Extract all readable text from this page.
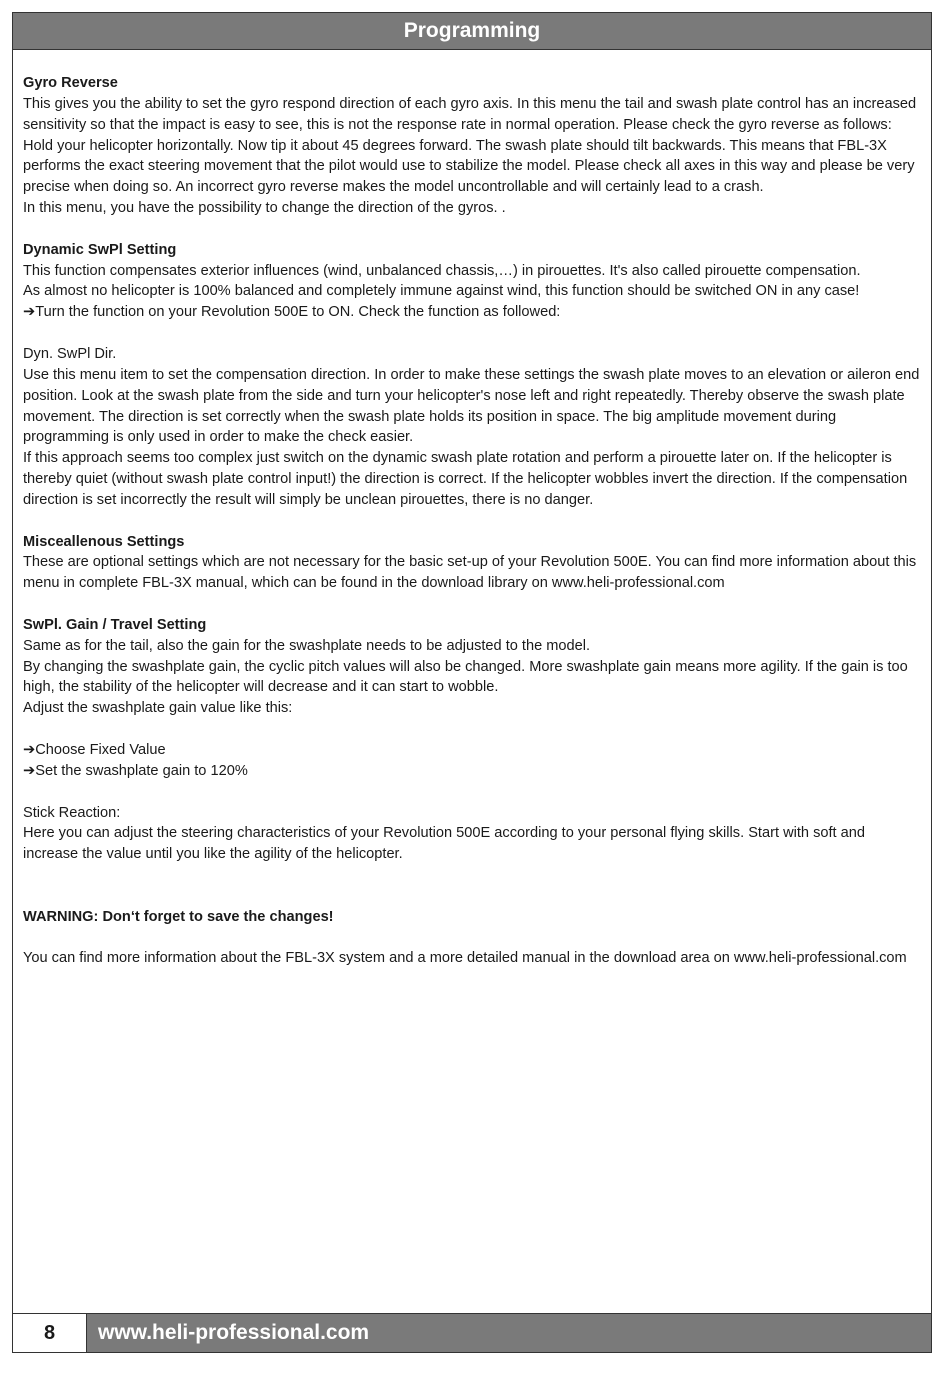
Programming

Gyro Reverse

This gives you the ability to set the gyro respond direction of each gyro axis. In this menu the tail and swash plate control has an increased sensitivity so that the impact is easy to see, this is not the response rate in normal operation. Please check the gyro reverse as follows:

Hold your helicopter horizontally. Now tip it about 45 degrees forward. The swash plate should tilt backwards. This means that FBL-3X performs the exact steering movement that the pilot would use to stabilize the model. Please check all axes in this way and please be very precise when doing so. An incorrect gyro reverse makes the model uncontrollable and will certainly lead to a crash.

In this menu, you have the possibility to change the direction of the gyros. .

Dynamic SwPl Setting

This function compensates exterior influences (wind, unbalanced chassis,…) in pirouettes. It's also called pirouette compensation.

As almost no helicopter is 100% balanced and completely immune against wind, this function should be switched ON in any case!

➔Turn the function on your Revolution 500E to ON. Check the function as followed:

Dyn. SwPl Dir.

Use this menu item to set the compensation direction. In order to make these settings the swash plate moves to an elevation or aileron end position. Look at the swash plate from the side and turn your helicopter's nose left and right repeatedly. Thereby observe the swash plate movement. The direction is set correctly when the swash plate holds its position in space. The big amplitude movement during programming is only used in order to make the check easier.

If this approach seems too complex just switch on the dynamic swash plate rotation and perform a pirouette later on. If the helicopter is thereby quiet (without swash plate control input!) the direction is correct. If the helicopter wobbles invert the direction. If the compensation direction is set incorrectly the result will simply be unclean pirouettes, there is no danger.

Misceallenous Settings

These are optional settings which are not necessary for the basic set-up of your Revolution 500E. You can find more information about this menu in complete FBL-3X manual, which can be found in the download library on www.heli-professional.com

SwPl. Gain / Travel Setting

Same as for the tail, also the gain for the swashplate needs to be adjusted to the model.

By changing the swashplate gain, the cyclic pitch values will also be changed. More swashplate gain means more agility. If the gain is too high, the stability of the helicopter will decrease and it can start to wobble.

Adjust the swashplate gain value like this:

➔Choose Fixed Value

➔Set the swashplate gain to 120%

Stick Reaction:

Here you can adjust the steering characteristics of your Revolution 500E according to your personal flying skills. Start with soft and increase the value until you like the agility of the helicopter.

WARNING: Don‘t forget to save the changes!

You can find more information about the FBL-3X system and a more detailed manual in the download area on www.heli-professional.com

8	www.heli-professional.com
